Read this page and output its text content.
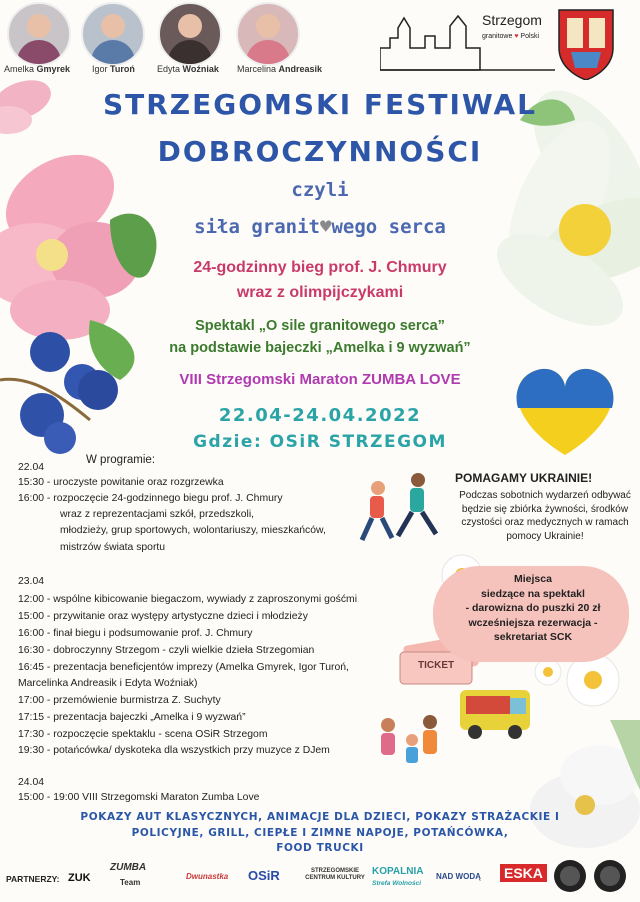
Amelka Gmyrek Igor Turoń Edyta Woźniak Marcelina Andreasik
Strzegom
granitowe ♥ Polski
STRZEGOMSKI FESTIWAL
DOBROCZYNNOŚCI
czyli
siła granit♥wego serca
24-godzinny bieg prof. J. Chmury
wraz z olimpijczykami
Spektakl „O sile granitowego serca”
na podstawie bajeczki „Amelka i 9 wyzwań”
VIII Strzegomski Maraton ZUMBA LOVE
22.04-24.04.2022
Gdzie: OSiR STRZEGOM
W programie:
22.04
15:30 - uroczyste powitanie oraz rozgrzewka
16:00 - rozpoczęcie 24-godzinnego biegu prof. J. Chmury
wraz z reprezentacjami szkół, przedszkoli,
młodzieży, grup sportowych, wolontariuszy, mieszkańców,
mistrzów świata sportu
23.04
12:00 - wspólne kibicowanie biegaczom, wywiady z zaproszonymi gośćmi
15:00 - przywitanie oraz występy artystyczne dzieci i młodzieży
16:00 - finał biegu i podsumowanie prof. J. Chmury
16:30 - dobroczynny Strzegom - czyli wielkie dzieła Strzegomian
16:45 - prezentacja beneficjentów imprezy (Amelka Gmyrek, Igor Turoń,
Marcelinka Andreasik i Edyta Woźniak)
17:00 - przemówienie burmistrza Z. Suchyty
17:15 - prezentacja bajeczki „Amelka i 9 wyzwań”
17:30 - rozpoczęcie spektaklu - scena OSiR Strzegom
19:30 - potańcówka/ dyskoteka dla wszystkich przy muzyce z DJem
24.04
15:00 - 19:00 VIII Strzegomski Maraton Zumba Love
POMAGAMY UKRAINIE!
Podczas sobotnich wydarzeń odbywać będzie się zbiórka żywności, środków czystości oraz medycznych w ramach pomocy Ukrainie!
Miejsca
siedzące na spektakl
- darowizna do puszki 20 zł
wcześniejsza rezerwacja -
sekretariat SCK
TICKET
POKAZY AUT KLASYCZNYCH, ANIMACJE DLA DZIECI, POKAZY STRAŻACKIE I
POLICYJNE, GRILL, CIEPŁE I ZIMNE NAPOJE, POTAŃCÓWKA,
FOOD TRUCKI
PARTNERZY: ZUK
ZUMBA
Team
Dwunastka OSiR	STRZEGOMSKIE CENTRUM KULTURY
KOPALNIA
Strefa Wolności
NAD WODĄ ESKA
